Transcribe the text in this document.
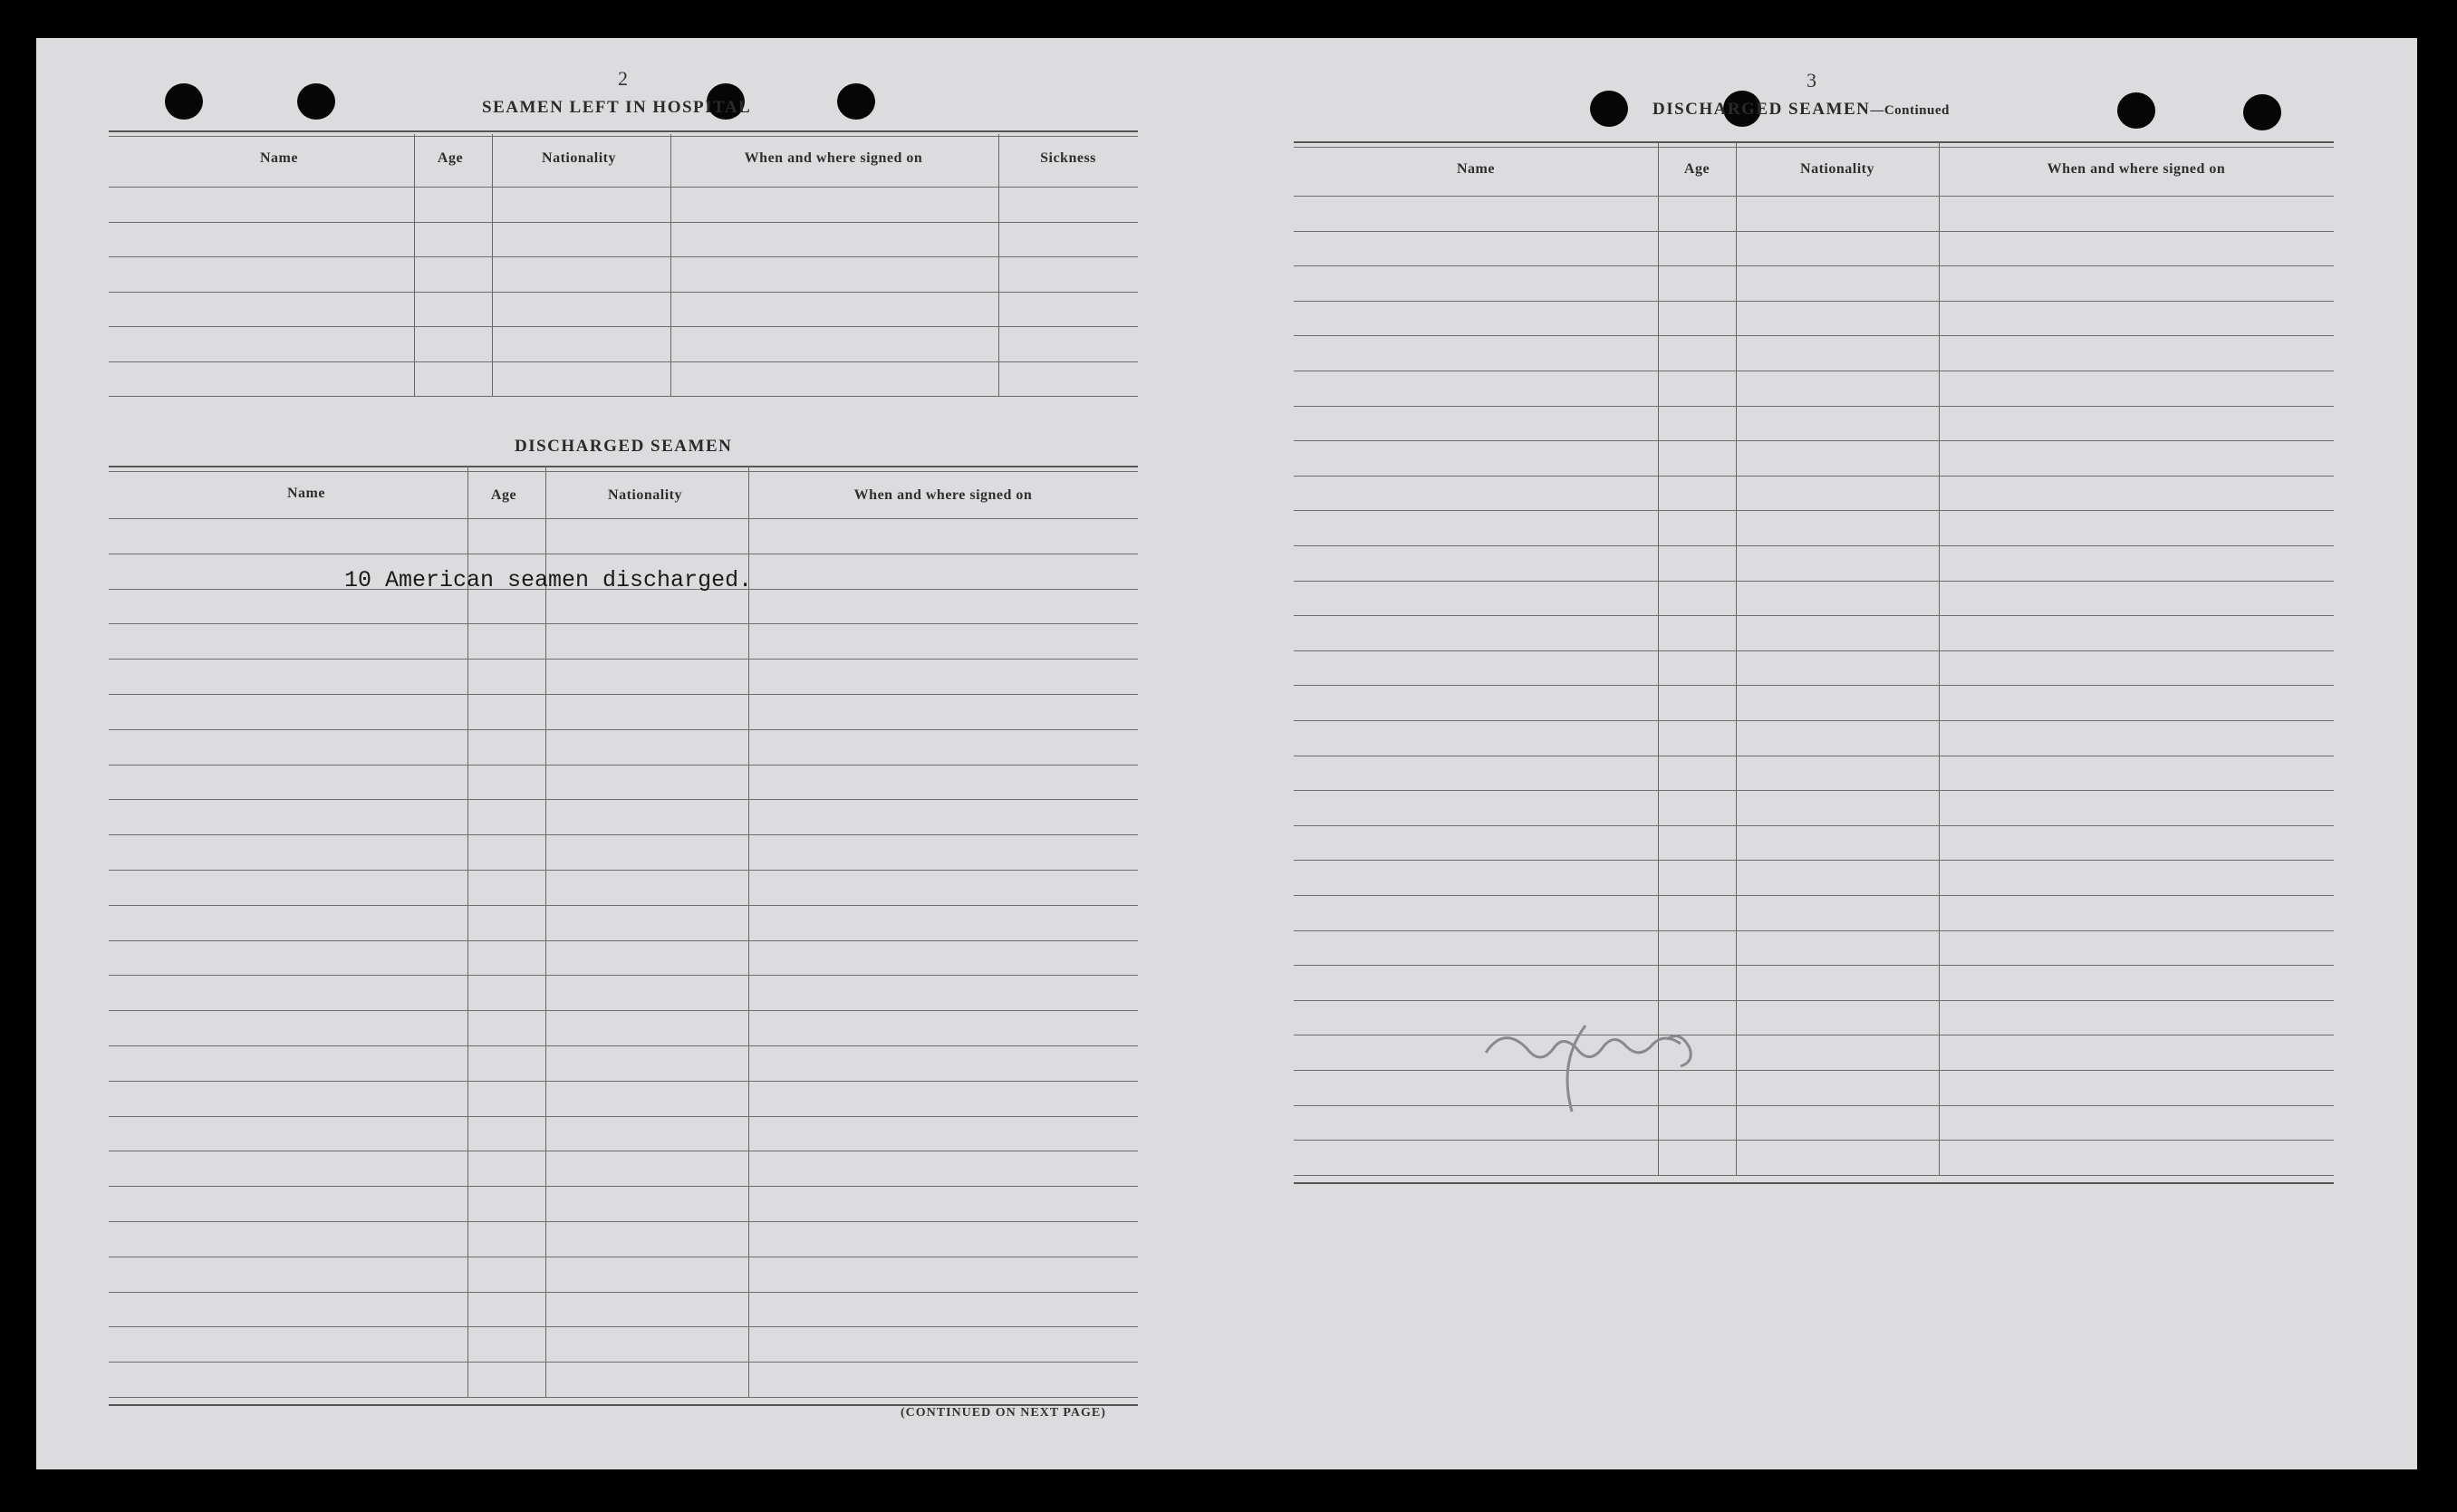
2
SEAMEN LEFT IN HOSPITAL
Name	Age	Nationality	When and where signed on	Sickness
DISCHARGED SEAMEN
Name	Age	Nationality	When and where signed on
10 American seamen discharged.
(CONTINUED ON NEXT PAGE)
3
DISCHARGED SEAMEN—Continued
Name	Age	Nationality	When and where signed on
